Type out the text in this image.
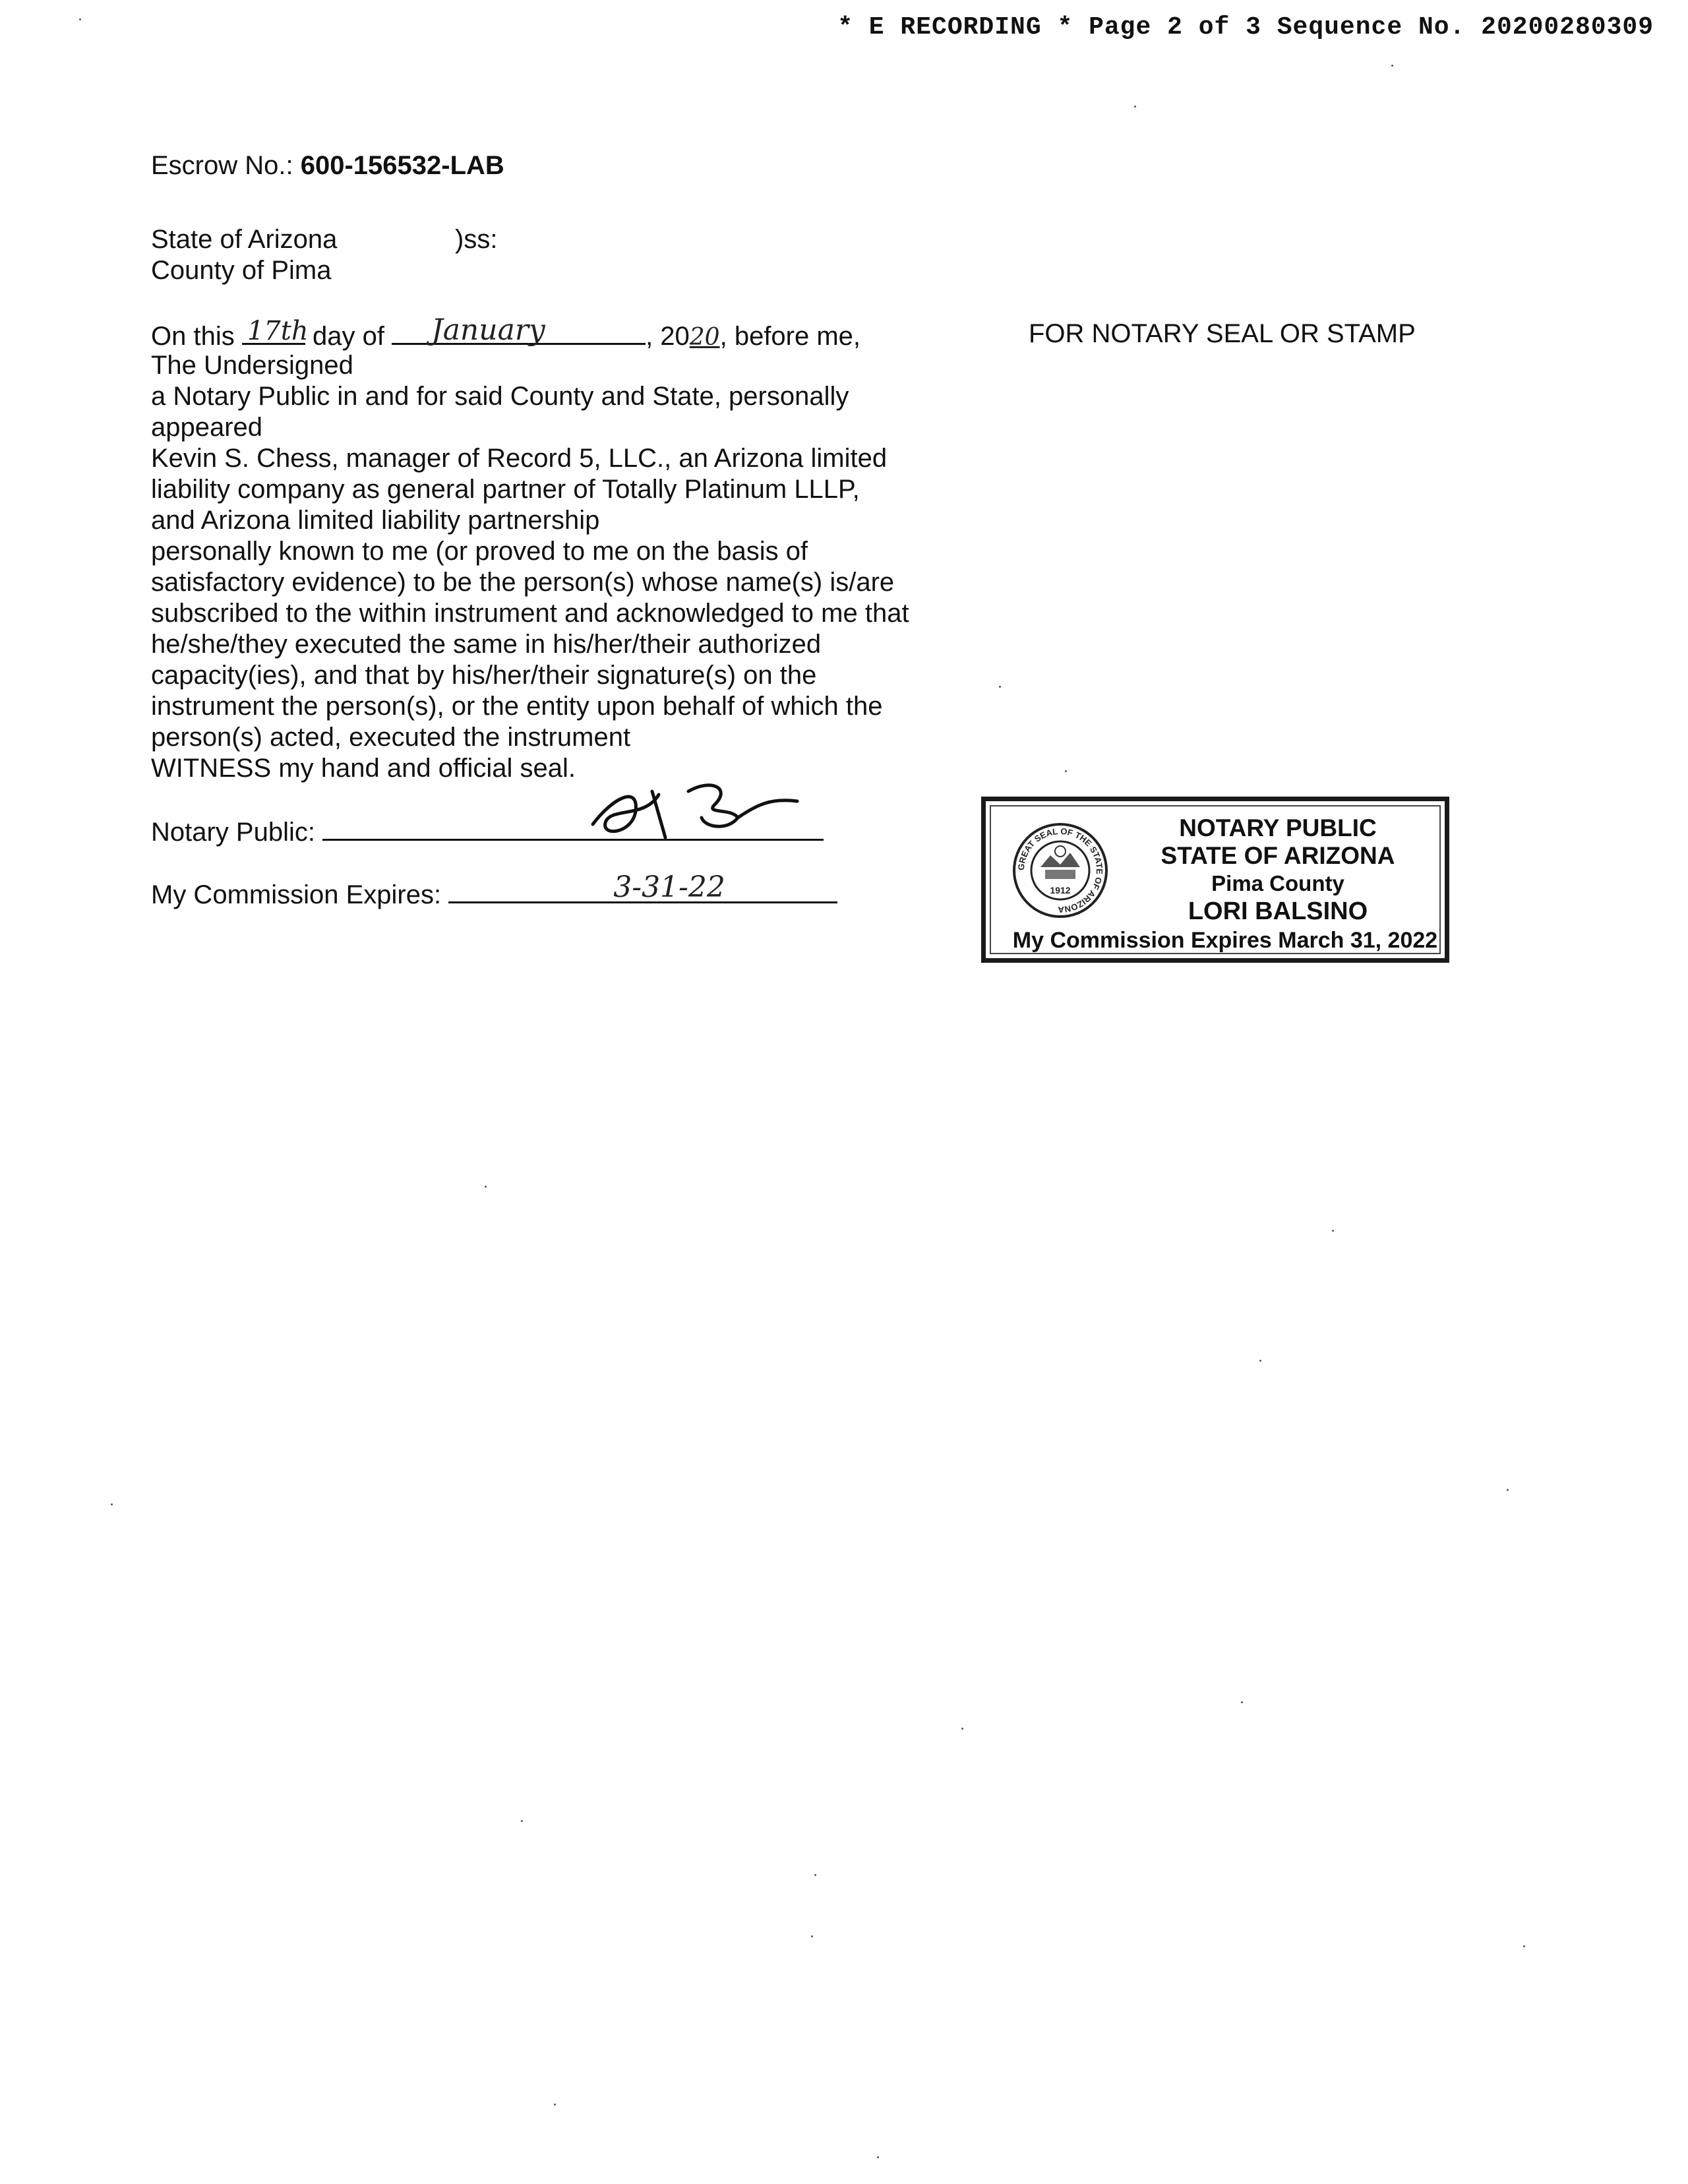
* E RECORDING * Page 2 of 3 Sequence No. 20200280309
Escrow No.: 600-156532-LAB
State of Arizona	)ss:
County of Pima
On this 17th day of January	, 2020, before me,
The Undersigned
a Notary Public in and for said County and State, personally
appeared
Kevin S. Chess, manager of Record 5, LLC., an Arizona limited
liability company as general partner of Totally Platinum LLLP,
and Arizona limited liability partnership
personally known to me (or proved to me on the basis of
satisfactory evidence) to be the person(s) whose name(s) is/are
subscribed to the within instrument and acknowledged to me that
he/she/they executed the same in his/her/their authorized
capacity(ies), and that by his/her/their signature(s) on the
instrument the person(s), or the entity upon behalf of which the
person(s) acted, executed the instrument
WITNESS my hand and official seal.
FOR NOTARY SEAL OR STAMP
Notary Public:
My Commission Expires:	3-31-22
GREAT SEAL OF THE STATE OF ARIZONA
1912
NOTARY PUBLIC
STATE OF ARIZONA
Pima County
LORI BALSINO
My Commission Expires March 31, 2022
